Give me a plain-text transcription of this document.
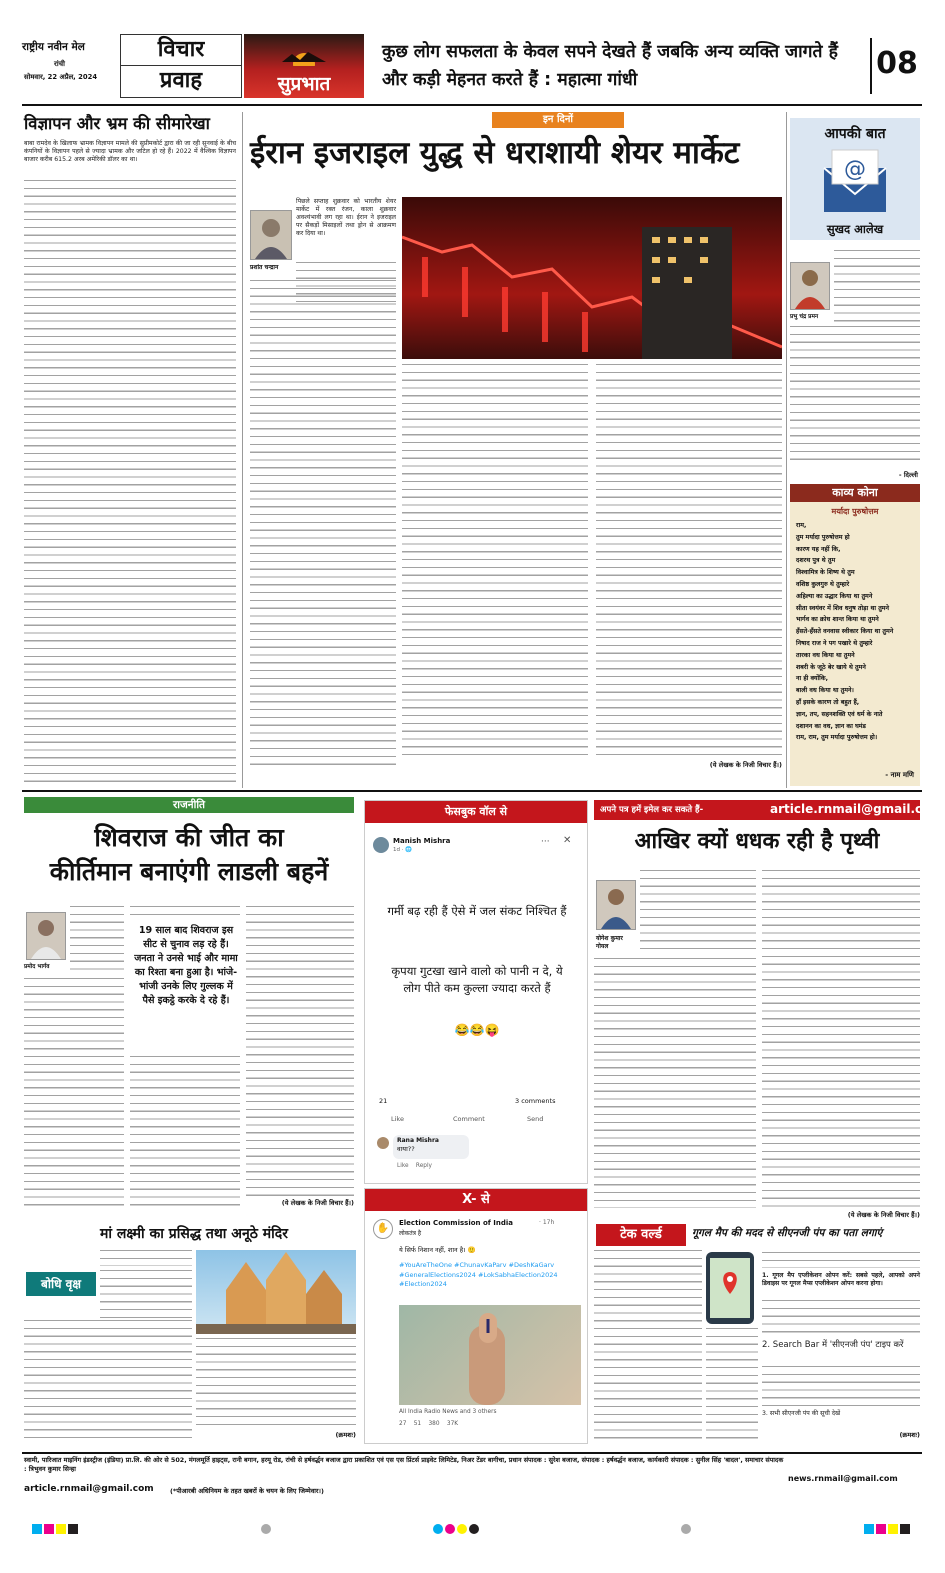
राष्ट्रीय नवीन मेल
रांची
सोमवार, 22 अप्रैल, 2024
विचार
प्रवाह	सुप्रभात
कुछ लोग सफलता के केवल सपने देखते हैं जबकि अन्य व्यक्ति जागते हैं और कड़ी मेहनत करते हैं : महात्मा गांधी	08
विज्ञापन और भ्रम की सीमारेखा
बाबा रामदेव के खिलाफ भ्रामक विज्ञापन मामले की सुप्रीमकोर्ट द्वारा की जा रही सुनवाई के बीच कंपनियों के विज्ञापन पहले से ज्यादा भ्रामक और जटिल हो रहे हैं। 2022 में वैश्विक विज्ञापन बाजार करीब 615.2 अरब अमेरिकी डॉलर का था।
इन दिनों
ईरान इजराइल युद्ध से धराशायी शेयर मार्केट
प्रशांत चन्द्रान
पिछले सप्ताह शुक्रवार को भारतीय शेयर मार्केट में रक्त रंजन, काला शुक्रवार अवश्यंभावी लग रहा था। ईरान ने इजराइल पर सैकड़ों मिसाइलों तथा ड्रोन से आक्रमण कर दिया था।
(ये लेखक के निजी विचार हैं।)
आपकी बात
@
सुखद आलेख
प्रभु चंद्र प्रमन
- दिल्ली
काव्य कोना
मर्यादा पुरुषोत्तम
राम,
तुम मर्यादा पुरुषोत्तम हो
कारण यह नहीं कि,
दशरथ पुत्र थे तुम
विश्वामित्र के शिष्य थे तुम
वशिष्ठ कुलगुरु थे तुम्हारे
अहिल्या का उद्धार किया था तुमने
सीता स्वयंवर में शिव धनुष तोड़ा था तुमने
भार्गव का क्रोध शान्त किया था तुमने
हँसते-हँसते वनवास स्वीकार किया था तुमने
निषाद राज ने पग पखारे थे तुम्हारे
तारका वध किया था तुमने
शबरी के जूठे बेर खाये थे तुमने
ना ही क्योंकि,
बाली वध किया था तुमने।
हाँ इसके कारण तो बहुत हैं,
ज्ञान, तप, सहनशक्ति एवं धर्म के नाते
दशानन का वध, ज्ञान का घमंड
राम, राम, तुम मर्यादा पुरुषोत्तम हो।
- नाम मणि
राजनीति
शिवराज की जीत का
कीर्तिमान बनाएंगी लाडली बहनें
प्रमोद भार्गव
19 साल बाद शिवराज इस सीट से चुनाव लड़ रहे हैं। जनता ने उनसे भाई और मामा का रिश्ता बना हुआ है। भांजे-भांजी उनके लिए गुल्लक में पैसे इकट्ठे करके दे रहे हैं।
(ये लेखक के निजी विचार हैं।)
मां लक्ष्मी का प्रसिद्ध तथा अनूठे मंदिर
बोधि वृक्ष
(क्रमशः)
फेसबुक वॉल से
Manish Mishra
1d · 🌐
··· ✕
गर्मी बढ़ रही हैं ऐसे में जल संकट निश्चित हैं
कृपया गुटखा खाने वालो को पानी न दे, ये लोग पीते कम कुल्ला ज्यादा करते हैं
😂😂😝
21	3 comments
Like	Comment	Send
Rana Mishra
वाया??
Like    Reply
X- से
✋	Election Commission of India	· 17h
लोकतंत्र है
ये सिर्फ निशान नहीं, शान है। 🙂
#YouAreTheOne #ChunavKaParv #DeshKaGarv #GeneralElections2024 #LokSabhaElection2024 #Election2024
All India Radio News and 3 others
27    51    380    37K
अपने पत्र हमें इमेल कर सकते हैं-	article.rnmail@gmail.com
आखिर क्यों धधक रही है पृथ्वी
योगेश कुमार गोयल
(ये लेखक के निजी विचार हैं।)
टेक वर्ल्ड	गूगल मैप की मदद से सीएनजी पंप का पता लगाएं
1. गूगल मैप एप्लीकेशन ओपन करें: सबसे पहले, आपको अपने डिवाइस पर गूगल मैप्स एप्लीकेशन ओपन करना होगा।
2. Search Bar में 'सीएनजी पंप' टाइप करें
3. सभी सीएनजी पंप की सूची देखें
(क्रमशः)
स्वामी, पारिजात माइनिंग इंडस्ट्रीज (इंडिया) प्रा.लि. की ओर से 502, मंगलमूर्ति हाइट्स, रानी बगान, हरमू रोड, रांची से हर्षवर्द्धन बजाज द्वारा प्रकाशित एवं एस एस प्रिंटर्स प्राइवेट लिमिटेड, निअर टेंडर बागीचा, प्रधान संपादक : सुरेश बजाज, संपादक : हर्षवर्द्धन बजाज, कार्यकारी संपादक : सुनील सिंह 'बादल', समाचार संपादक : त्रिभुवन कुमार सिन्हा
news.rnmail@gmail.com
article.rnmail@gmail.com	(*पीआरबी अधिनियम के तहत खबरों के चयन के लिए जिम्मेवार।)
